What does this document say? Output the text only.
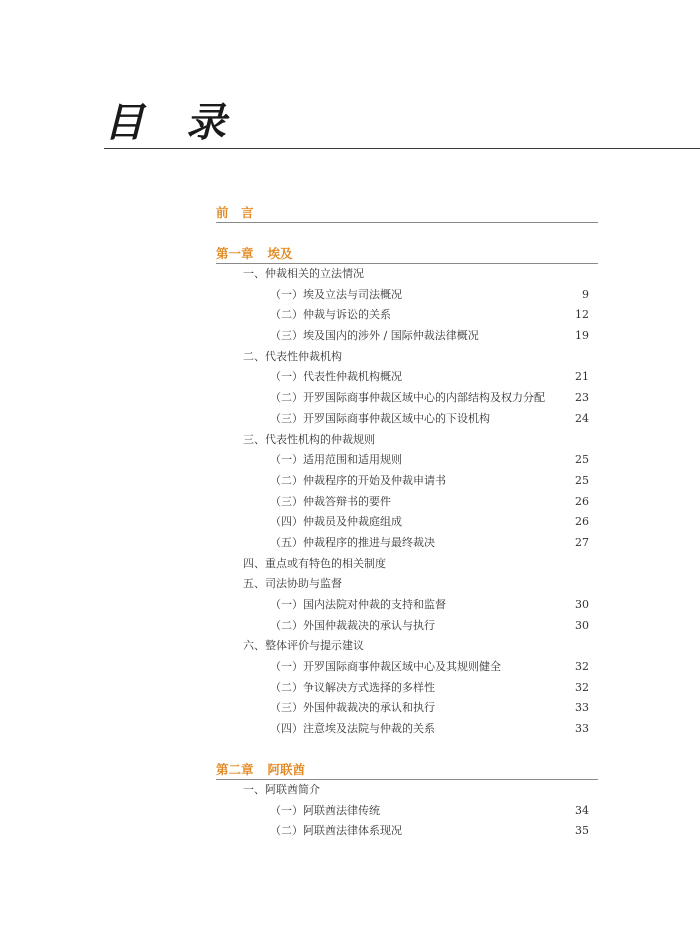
目 录
前　言
第一章 埃及
一、仲裁相关的立法情况
（一）埃及立法与司法概况	9
（二）仲裁与诉讼的关系	12
（三）埃及国内的涉外 / 国际仲裁法律概况	19
二、代表性仲裁机构
（一）代表性仲裁机构概况	21
（二）开罗国际商事仲裁区域中心的内部结构及权力分配	23
（三）开罗国际商事仲裁区域中心的下设机构	24
三、代表性机构的仲裁规则
（一）适用范围和适用规则	25
（二）仲裁程序的开始及仲裁申请书	25
（三）仲裁答辩书的要件	26
（四）仲裁员及仲裁庭组成	26
（五）仲裁程序的推进与最终裁决	27
四、重点或有特色的相关制度
五、司法协助与监督
（一）国内法院对仲裁的支持和监督	30
（二）外国仲裁裁决的承认与执行	30
六、整体评价与提示建议
（一）开罗国际商事仲裁区域中心及其规则健全	32
（二）争议解决方式选择的多样性	32
（三）外国仲裁裁决的承认和执行	33
（四）注意埃及法院与仲裁的关系	33
第二章 阿联酋
一、阿联酋简介
（一）阿联酋法律传统	34
（二）阿联酋法律体系现况	35
